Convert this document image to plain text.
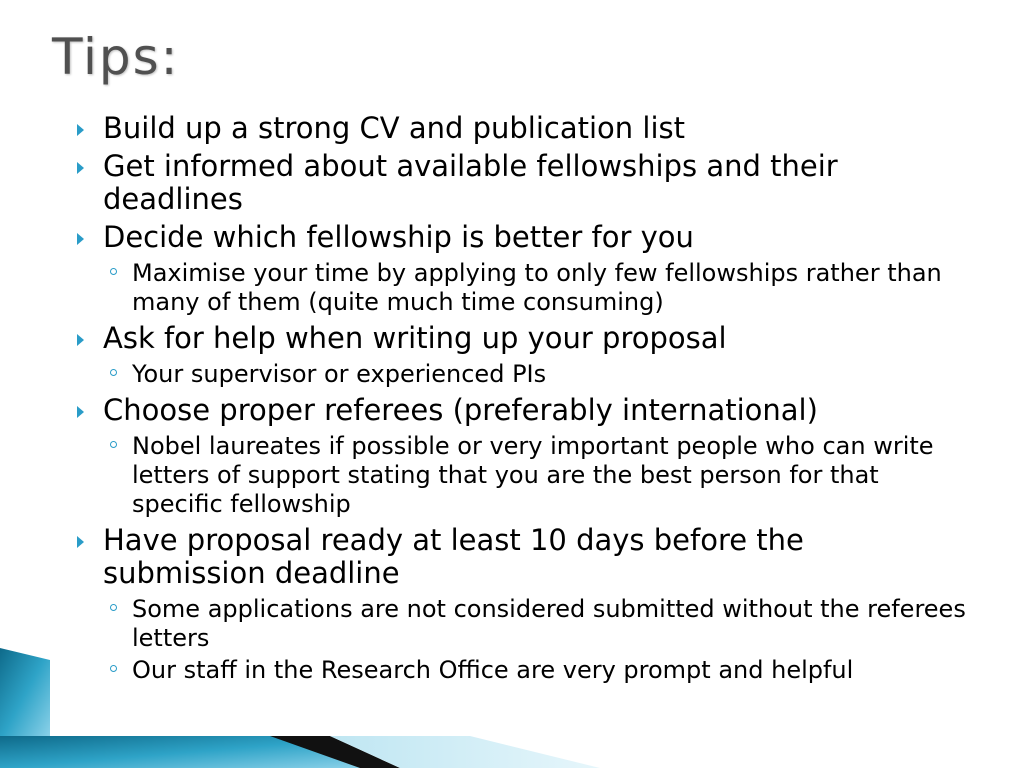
Tips:
Build up a strong CV and publication list
Get informed about available fellowships and their deadlines
Decide which fellowship is better for you
Maximise your time by applying to only few fellowships rather than many of them (quite much time consuming)
Ask for help when writing up your proposal
Your supervisor or experienced PIs
Choose proper referees (preferably international)
Nobel laureates if possible or very important people who can write letters of support stating that you are the best person for that specific fellowship
Have proposal ready at least 10 days before the submission deadline
Some applications are not considered submitted without the referees letters
Our staff in the Research Office are very prompt and helpful
